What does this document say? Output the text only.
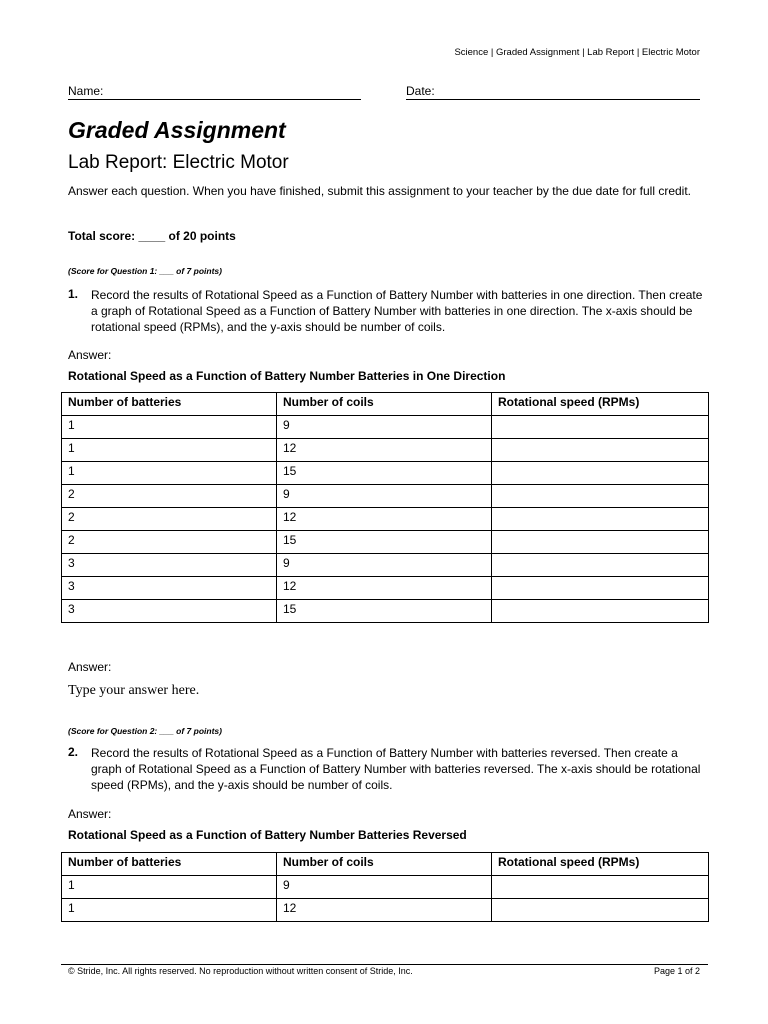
Science | Graded Assignment | Lab Report | Electric Motor
Name:	Date:
Graded Assignment
Lab Report: Electric Motor
Answer each question. When you have finished, submit this assignment to your teacher by the due date for full credit.
Total score: ____ of 20 points
(Score for Question 1: ___ of 7 points)
1. Record the results of Rotational Speed as a Function of Battery Number with batteries in one direction. Then create a graph of Rotational Speed as a Function of Battery Number with batteries in one direction. The x-axis should be rotational speed (RPMs), and the y-axis should be number of coils.
Answer:
Rotational Speed as a Function of Battery Number Batteries in One Direction
Number of batteries	Number of coils	Rotational speed (RPMs)
1	9	
1	12	
1	15	
2	9	
2	12	
2	15	
3	9	
3	12	
3	15	
Answer:
Type your answer here.
(Score for Question 2: ___ of 7 points)
2. Record the results of Rotational Speed as a Function of Battery Number with batteries reversed. Then create a graph of Rotational Speed as a Function of Battery Number with batteries reversed. The x-axis should be rotational speed (RPMs), and the y-axis should be number of coils.
Answer:
Rotational Speed as a Function of Battery Number Batteries Reversed
Number of batteries	Number of coils	Rotational speed (RPMs)
1	9	
1	12	
© Stride, Inc. All rights reserved. No reproduction without written consent of Stride, Inc.	Page 1 of 2
